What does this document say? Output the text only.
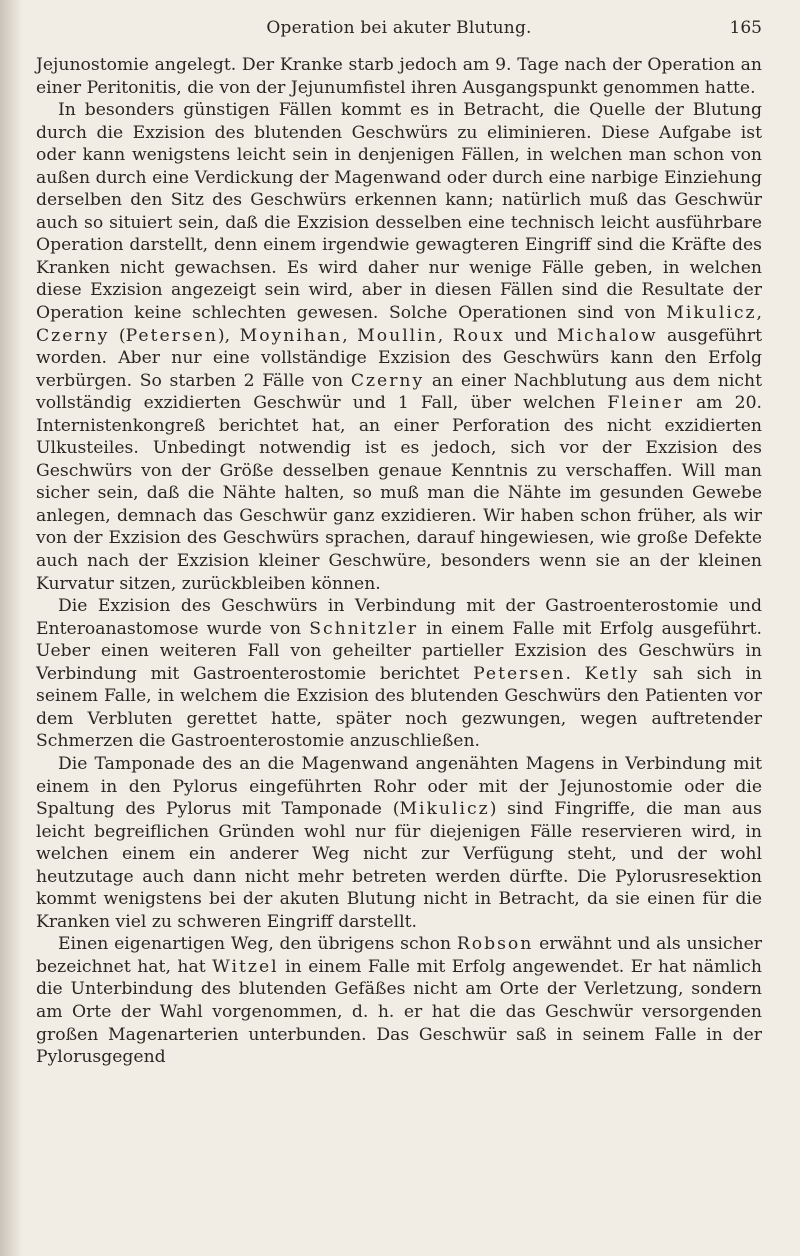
Operation bei akuter Blutung.	165

Jejunostomie angelegt. Der Kranke starb jedoch am 9. Tage nach der Operation an einer Peritonitis, die von der Jejunumfistel ihren Ausgangspunkt genommen hatte.

In besonders günstigen Fällen kommt es in Betracht, die Quelle der Blutung durch die Exzision des blutenden Geschwürs zu eliminieren. Diese Aufgabe ist oder kann wenigstens leicht sein in denjenigen Fällen, in welchen man schon von außen durch eine Verdickung der Magenwand oder durch eine narbige Einziehung derselben den Sitz des Geschwürs erkennen kann; natürlich muß das Geschwür auch so situiert sein, daß die Exzision desselben eine technisch leicht ausführbare Operation darstellt, denn einem irgendwie gewagteren Eingriff sind die Kräfte des Kranken nicht gewachsen. Es wird daher nur wenige Fälle geben, in welchen diese Exzision angezeigt sein wird, aber in diesen Fällen sind die Resultate der Operation keine schlechten gewesen. Solche Operationen sind von Mikulicz, Czerny (Petersen), Moynihan, Moullin, Roux und Michalow ausgeführt worden. Aber nur eine vollständige Exzision des Geschwürs kann den Erfolg verbürgen. So starben 2 Fälle von Czerny an einer Nachblutung aus dem nicht vollständig exzidierten Geschwür und 1 Fall, über welchen Fleiner am 20. Internistenkongreß berichtet hat, an einer Perforation des nicht exzidierten Ulkusteiles. Unbedingt notwendig ist es jedoch, sich vor der Exzision des Geschwürs von der Größe desselben genaue Kenntnis zu verschaffen. Will man sicher sein, daß die Nähte halten, so muß man die Nähte im gesunden Gewebe anlegen, demnach das Geschwür ganz exzidieren. Wir haben schon früher, als wir von der Exzision des Geschwürs sprachen, darauf hingewiesen, wie große Defekte auch nach der Exzision kleiner Geschwüre, besonders wenn sie an der kleinen Kurvatur sitzen, zurückbleiben können.

Die Exzision des Geschwürs in Verbindung mit der Gastroenterostomie und Enteroanastomose wurde von Schnitzler in einem Falle mit Erfolg ausgeführt. Ueber einen weiteren Fall von geheilter partieller Exzision des Geschwürs in Verbindung mit Gastroenterostomie berichtet Petersen. Ketly sah sich in seinem Falle, in welchem die Exzision des blutenden Geschwürs den Patienten vor dem Verbluten gerettet hatte, später noch gezwungen, wegen auftretender Schmerzen die Gastroenterostomie anzuschließen.

Die Tamponade des an die Magenwand angenähten Magens in Verbindung mit einem in den Pylorus eingeführten Rohr oder mit der Jejunostomie oder die Spaltung des Pylorus mit Tamponade (Mikulicz) sind Fingriffe, die man aus leicht begreiflichen Gründen wohl nur für diejenigen Fälle reservieren wird, in welchen einem ein anderer Weg nicht zur Verfügung steht, und der wohl heutzutage auch dann nicht mehr betreten werden dürfte. Die Pylorusresektion kommt wenigstens bei der akuten Blutung nicht in Betracht, da sie einen für die Kranken viel zu schweren Eingriff darstellt.

Einen eigenartigen Weg, den übrigens schon Robson erwähnt und als unsicher bezeichnet hat, hat Witzel in einem Falle mit Erfolg angewendet. Er hat nämlich die Unterbindung des blutenden Gefäßes nicht am Orte der Verletzung, sondern am Orte der Wahl vorgenommen, d. h. er hat die das Geschwür versorgenden großen Magenarterien unterbunden. Das Geschwür saß in seinem Falle in der Pylorusgegend
